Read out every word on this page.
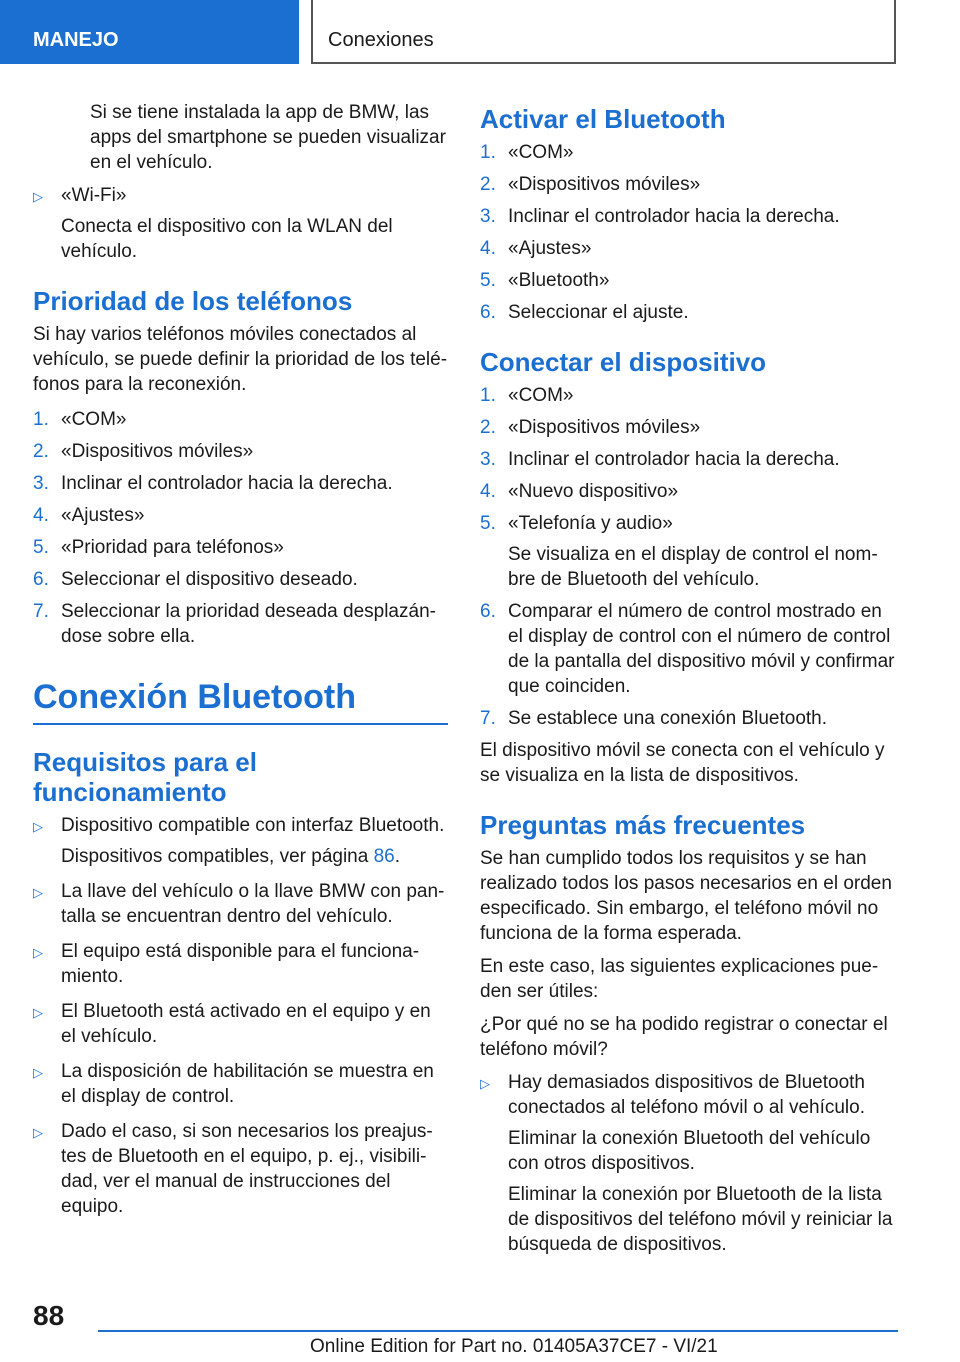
MANEJO	Conexiones
Si se tiene instalada la app de BMW, las apps del smartphone se pueden visualizar en el vehículo.
▷ «Wi-Fi»
Conecta el dispositivo con la WLAN del vehículo.
Prioridad de los teléfonos

Si hay varios teléfonos móviles conectados al vehículo, se puede definir la prioridad de los teléfonos para la reconexión.

1. «COM»
2. «Dispositivos móviles»
3. Inclinar el controlador hacia la derecha.
4. «Ajustes»
5. «Prioridad para teléfonos»
6. Seleccionar el dispositivo deseado.
7. Seleccionar la prioridad deseada desplazándose sobre ella.
Conexión Bluetooth
Requisitos para el funcionamiento
▷ Dispositivo compatible con interfaz Bluetooth.
Dispositivos compatibles, ver página 86.
▷ La llave del vehículo o la llave BMW con pantalla se encuentran dentro del vehículo.
▷ El equipo está disponible para el funcionamiento.
▷ El Bluetooth está activado en el equipo y en el vehículo.
▷ La disposición de habilitación se muestra en el display de control.
▷ Dado el caso, si son necesarios los preajustes de Bluetooth en el equipo, p. ej., visibilidad, ver el manual de instrucciones del equipo.
Activar el Bluetooth
1. «COM»
2. «Dispositivos móviles»
3. Inclinar el controlador hacia la derecha.
4. «Ajustes»
5. «Bluetooth»
6. Seleccionar el ajuste.
Conectar el dispositivo
1. «COM»
2. «Dispositivos móviles»
3. Inclinar el controlador hacia la derecha.
4. «Nuevo dispositivo»
5. «Telefonía y audio»
Se visualiza en el display de control el nombre de Bluetooth del vehículo.
6. Comparar el número de control mostrado en el display de control con el número de control de la pantalla del dispositivo móvil y confirmar que coinciden.
7. Se establece una conexión Bluetooth.

El dispositivo móvil se conecta con el vehículo y se visualiza en la lista de dispositivos.

Preguntas más frecuentes

Se han cumplido todos los requisitos y se han realizado todos los pasos necesarios en el orden especificado. Sin embargo, el teléfono móvil no funciona de la forma esperada.

En este caso, las siguientes explicaciones pueden ser útiles:

¿Por qué no se ha podido registrar o conectar el teléfono móvil?

▷ Hay demasiados dispositivos de Bluetooth conectados al teléfono móvil o al vehículo.
Eliminar la conexión Bluetooth del vehículo con otros dispositivos.
Eliminar la conexión por Bluetooth de la lista de dispositivos del teléfono móvil y reiniciar la búsqueda de dispositivos.
88
Online Edition for Part no. 01405A37CE7 - VI/21
